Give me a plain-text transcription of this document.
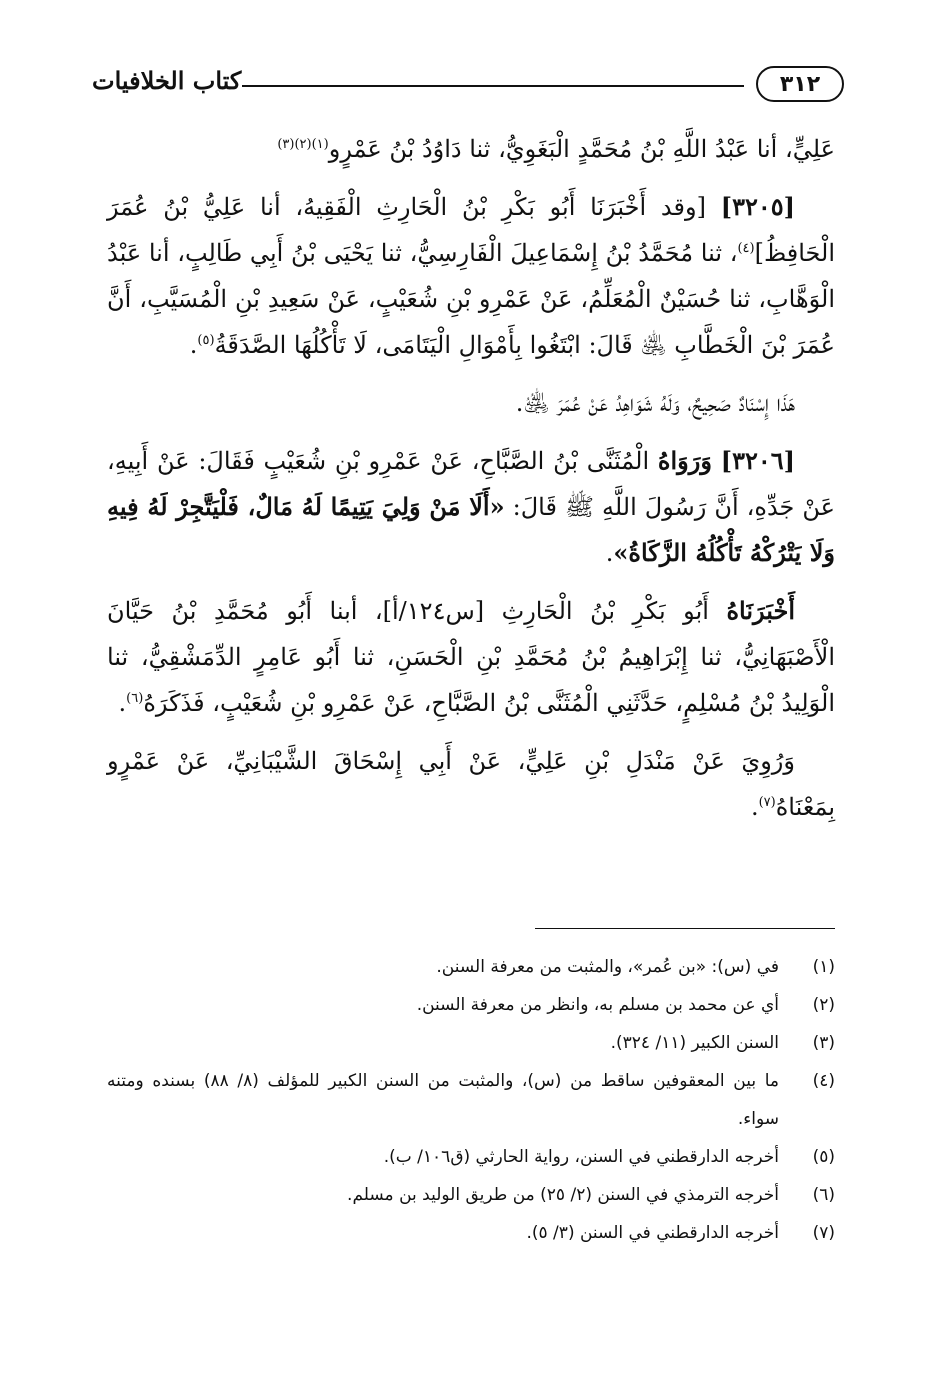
٣١٢
كتاب الخلافيات

عَلِيٍّ، أنا عَبْدُ اللَّهِ بْنُ مُحَمَّدٍ الْبَغَوِيُّ، ثنا دَاوُدُ بْنُ عَمْرٍو$^{(١)(٢)(٣)}$

[٣٢٠٥] [وقد أَخْبَرَنَا أَبُو بَكْرِ بْنُ الْحَارِثِ الْفَقِيهُ، أنا عَلِيُّ بْنُ عُمَرَ الْحَافِظُ]$^{(٤)}$، ثنا مُحَمَّدُ بْنُ إِسْمَاعِيلَ الْفَارِسِيُّ، ثنا يَحْيَى بْنُ أَبِي طَالِبٍ، أنا عَبْدُ الْوَهَّابِ، ثنا حُسَيْنٌ الْمُعَلِّمُ، عَنْ عَمْرِو بْنِ شُعَيْبٍ، عَنْ سَعِيدِ بْنِ الْمُسَيَّبِ، أَنَّ عُمَرَ بْنَ الْخَطَّابِ ﵁ قَالَ: ابْتَغُوا بِأَمْوَالِ الْيَتَامَى، لَا تَأْكُلُهَا الصَّدَقَةُ$^{(٥)}$.

هَذَا إِسْنَادٌ صَحِيحٌ، وَلَهُ شَوَاهِدُ عَنْ عُمَرَ ﵁.

[٣٢٠٦] وَرَوَاهُ الْمُثَنَّى بْنُ الصَّبَّاحِ، عَنْ عَمْرِو بْنِ شُعَيْبٍ فَقَالَ: عَنْ أَبِيهِ، عَنْ جَدِّهِ، أَنَّ رَسُولَ اللَّهِ ﷺ قَالَ: «أَلَا مَنْ وَلِيَ يَتِيمًا لَهُ مَالٌ، فَلْيَتَّجِرْ لَهُ فِيهِ وَلَا يَتْرُكْهُ تَأْكُلُهُ الزَّكَاةُ».

أَخْبَرَنَاهُ أَبُو بَكْرِ بْنُ الْحَارِثِ [س١٢٤/أ]، أبنا أَبُو مُحَمَّدِ بْنُ حَيَّانَ الْأَصْبَهَانِيُّ، ثنا إِبْرَاهِيمُ بْنُ مُحَمَّدِ بْنِ الْحَسَنِ، ثنا أَبُو عَامِرٍ الدِّمَشْقِيُّ، ثنا الْوَلِيدُ بْنُ مُسْلِمٍ، حَدَّثَنِي الْمُثَنَّى بْنُ الصَّبَّاحِ، عَنْ عَمْرِو بْنِ شُعَيْبٍ، فَذَكَرَهُ$^{(٦)}$.

وَرُوِيَ عَنْ مَنْدَلِ بْنِ عَلِيٍّ، عَنْ أَبِي إِسْحَاقَ الشَّيْبَانِيِّ، عَنْ عَمْرٍو بِمَعْنَاهُ$^{(٧)}$.

(١)
في (س): «بن عُمر»، والمثبت من معرفة السنن.

(٢)
أي عن محمد بن مسلم به، وانظر من معرفة السنن.

(٣)
السنن الكبير (١١/ ٣٢٤).

(٤)
ما بين المعقوفين ساقط من (س)، والمثبت من السنن الكبير للمؤلف (٨/ ٨٨) بسنده ومتنه سواء.

(٥)
أخرجه الدارقطني في السنن، رواية الحارثي (ق١٠٦/ ب).

(٦)
أخرجه الترمذي في السنن (٢/ ٢٥) من طريق الوليد بن مسلم.

(٧)
أخرجه الدارقطني في السنن (٣/ ٥).
